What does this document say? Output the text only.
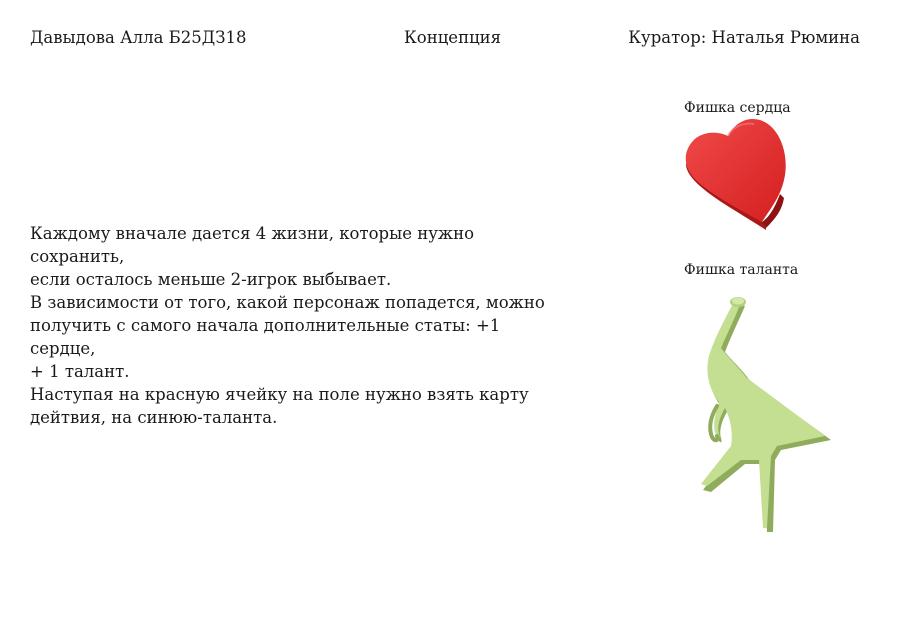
Давыдова Алла Б25ДЗ18	Концепция	Куратор: Наталья Рюмина

Каждому вначале дается 4 жизни, которые нужно сохранить,

если осталось меньше 2-игрок выбывает.

В зависимости от того, какой персонаж попадется, можно

получить с самого начала дополнительные статы: +1 сердце,

+ 1 талант.

Наступая на красную ячейку на поле нужно взять карту

дейтвия, на синюю-таланта.

Фишка сердца
Фишка таланта
